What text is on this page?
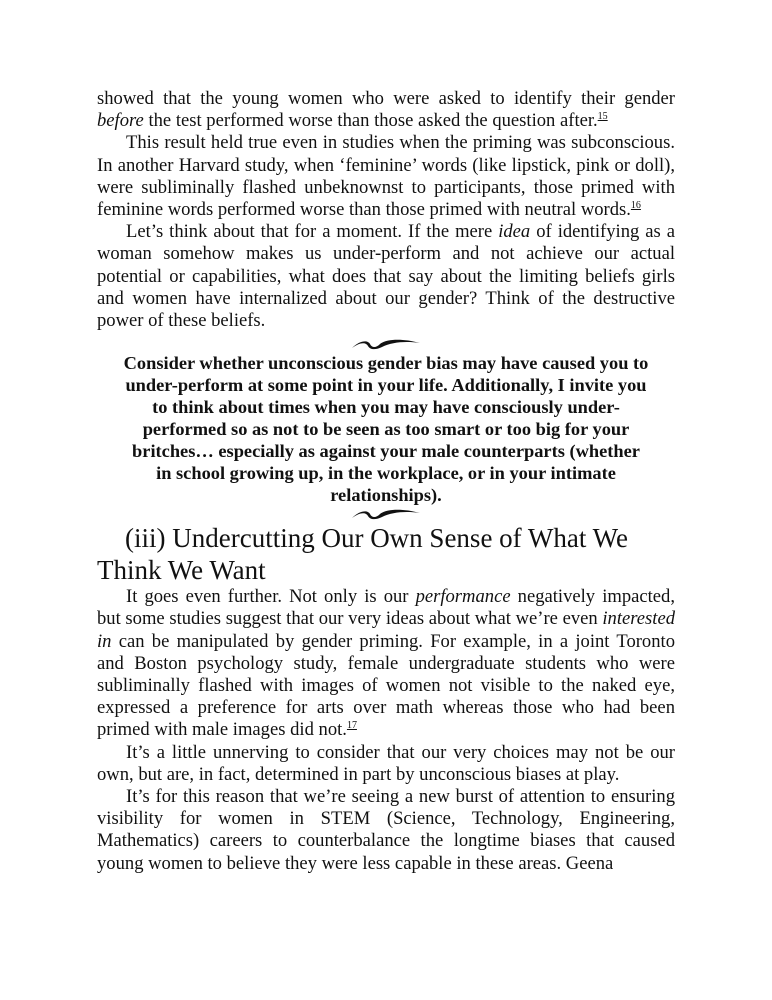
showed that the young women who were asked to identify their gender before the test performed worse than those asked the question after.$^{15}$

This result held true even in studies when the priming was subconscious. In another Harvard study, when ‘feminine’ words (like lipstick, pink or doll), were subliminally flashed unbeknownst to participants, those primed with feminine words performed worse than those primed with neutral words.$^{16}$

Let’s think about that for a moment. If the mere idea of identifying as a woman somehow makes us under-perform and not achieve our actual potential or capabilities, what does that say about the limiting beliefs girls and women have internalized about our gender? Think of the destructive power of these beliefs.

Consider whether unconscious gender bias may have caused you to
under-perform at some point in your life. Additionally, I invite you
to think about times when you may have consciously under-
performed so as not to be seen as too smart or too big for your
britches… especially as against your male counterparts (whether
in school growing up, in the workplace, or in your intimate
relationships).
(iii) Undercutting Our Own Sense of What We
Think We Want

It goes even further. Not only is our performance negatively impacted, but some studies suggest that our very ideas about what we’re even interested in can be manipulated by gender priming. For example, in a joint Toronto and Boston psychology study, female undergraduate students who were subliminally flashed with images of women not visible to the naked eye, expressed a preference for arts over math whereas those who had been primed with male images did not.$^{17}$

It’s a little unnerving to consider that our very choices may not be our own, but are, in fact, determined in part by unconscious biases at play.

It’s for this reason that we’re seeing a new burst of attention to ensuring visibility for women in STEM (Science, Technology, Engineering, Mathematics) careers to counterbalance the longtime biases that caused young women to believe they were less capable in these areas. Geena
